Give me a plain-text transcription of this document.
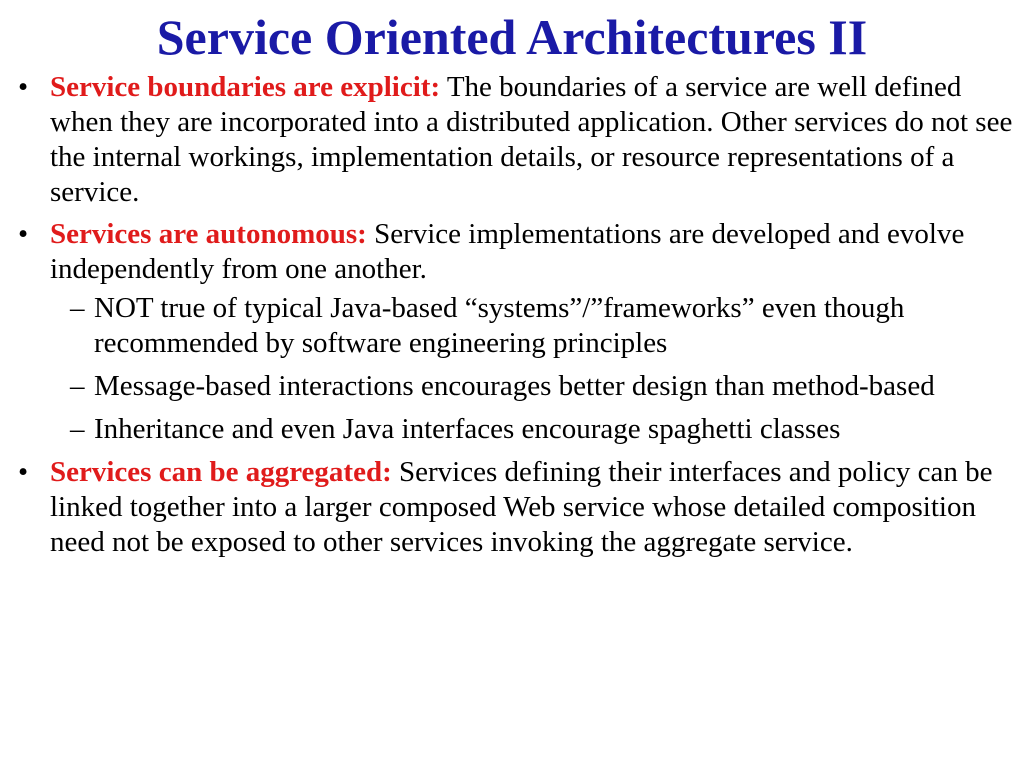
Service Oriented Architectures II
• Service boundaries are explicit: The boundaries of a service are well defined when they are incorporated into a distributed application. Other services do not see the internal workings, implementation details, or resource representations of a service.
• Services are autonomous: Service implementations are developed and evolve independently from one another.
– NOT true of typical Java-based “systems”/”frameworks” even though recommended by software engineering principles
– Message-based interactions encourages better design than method-based
– Inheritance and even Java interfaces encourage spaghetti classes
• Services can be aggregated: Services defining their interfaces and policy can be linked together into a larger composed Web service whose detailed composition need not be exposed to other services invoking the aggregate service.
